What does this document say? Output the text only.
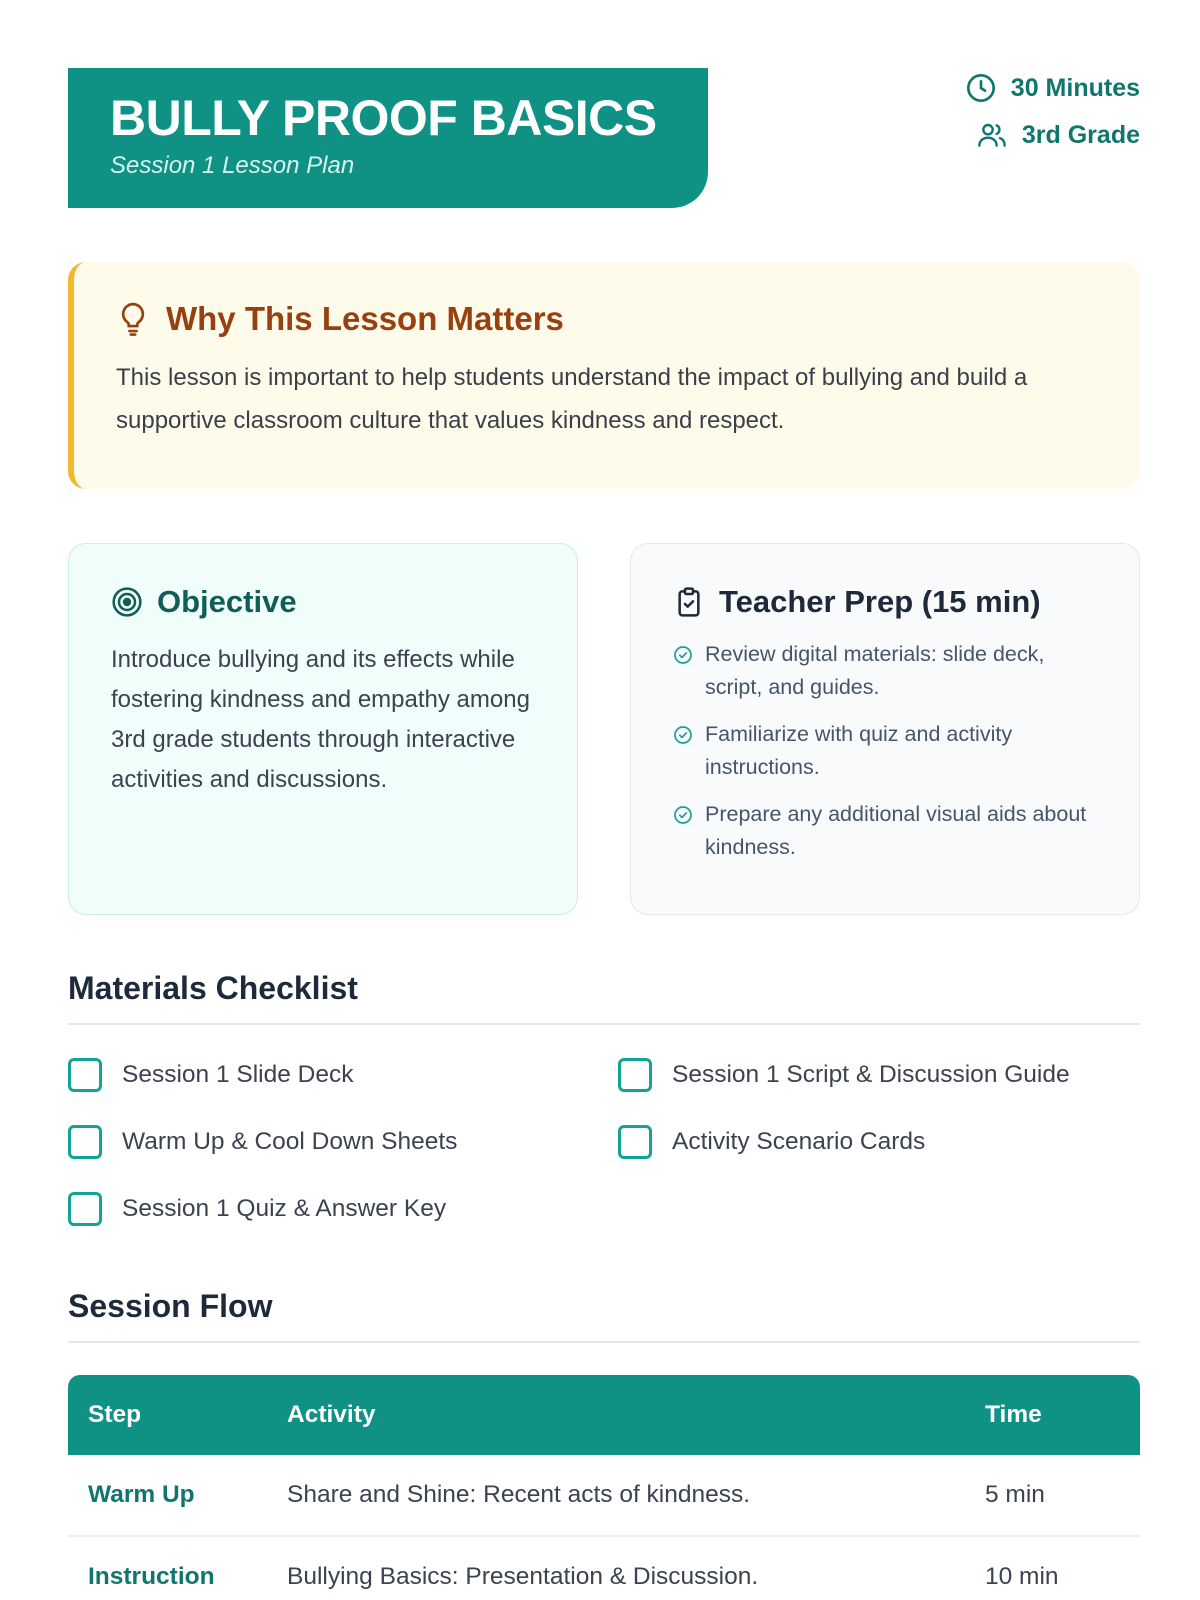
BULLY PROOF BASICS
Session 1 Lesson Plan
30 Minutes
3rd Grade
Why This Lesson Matters
This lesson is important to help students understand the impact of bullying and build a supportive classroom culture that values kindness and respect.
Objective
Introduce bullying and its effects while fostering kindness and empathy among 3rd grade students through interactive activities and discussions.
Teacher Prep (15 min)
Review digital materials: slide deck, script, and guides.
Familiarize with quiz and activity instructions.
Prepare any additional visual aids about kindness.
Materials Checklist
Session 1 Slide Deck	Session 1 Script & Discussion Guide
Warm Up & Cool Down Sheets	Activity Scenario Cards
Session 1 Quiz & Answer Key
Session Flow
Step	Activity	Time
Warm Up	Share and Shine: Recent acts of kindness.	5 min
Instruction	Bullying Basics: Presentation & Discussion.	10 min
